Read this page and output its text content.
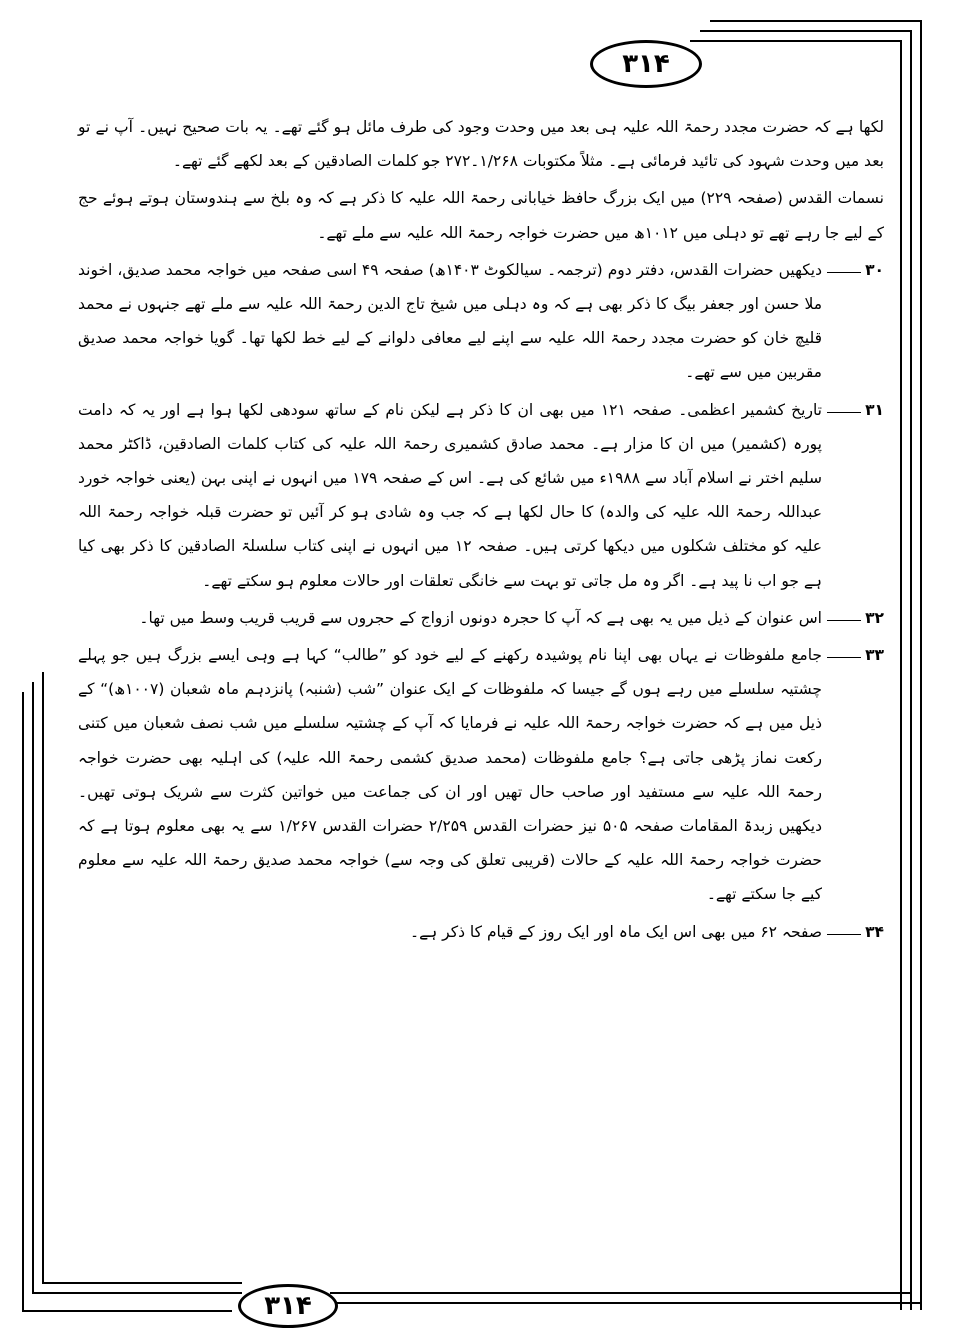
۳۱۴

لکھا ہے کہ حضرت مجدد رحمۃ اللہ علیہ ہی بعد میں وحدت وجود کی طرف مائل ہو گئے تھے۔ یہ بات صحیح نہیں۔ آپ نے تو بعد میں وحدت شہود کی تائید فرمائی ہے۔ مثلاً مکتوبات ۱/۲۶۸۔۲۷۲ جو کلمات الصادقین کے بعد لکھے گئے تھے۔

نسمات القدس (صفحہ ۲۲۹) میں ایک بزرگ حافظ خیابانی رحمۃ اللہ علیہ کا ذکر ہے کہ وہ بلخ سے ہندوستان ہوتے ہوئے حج کے لیے جا رہے تھے تو دہلی میں ۱۰۱۲ھ میں حضرت خواجہ رحمۃ اللہ علیہ سے ملے تھے۔

۳۰
دیکھیں حضرات القدس، دفتر دوم (ترجمہ۔ سیالکوٹ ۱۴۰۳ھ) صفحہ ۴۹ اسی صفحہ میں خواجہ محمد صدیق، اخوند ملا حسن اور جعفر بیگ کا ذکر بھی ہے کہ وہ دہلی میں شیخ تاج الدین رحمۃ اللہ علیہ سے ملے تھے جنہوں نے محمد قلیچ خان کو حضرت مجدد رحمۃ اللہ علیہ سے اپنے لیے معافی دلوانے کے لیے خط لکھا تھا۔ گویا خواجہ محمد صدیق مقربین میں سے تھے۔
۳۱
تاریخ کشمیر اعظمی۔ صفحہ ۱۲۱ میں بھی ان کا ذکر ہے لیکن نام کے ساتھ سودھی لکھا ہوا ہے اور یہ کہ دامت پورہ (کشمیر) میں ان کا مزار ہے۔ محمد صادق کشمیری رحمۃ اللہ علیہ کی کتاب کلمات الصادقین، ڈاکٹر محمد سلیم اختر نے اسلام آباد سے ۱۹۸۸ء میں شائع کی ہے۔ اس کے صفحہ ۱۷۹ میں انہوں نے اپنی بہن (یعنی خواجہ خورد عبداللہ رحمۃ اللہ علیہ کی والدہ) کا حال لکھا ہے کہ جب وہ شادی ہو کر آئیں تو حضرت قبلہ خواجہ رحمۃ اللہ علیہ کو مختلف شکلوں میں دیکھا کرتی ہیں۔ صفحہ ۱۲ میں انہوں نے اپنی کتاب سلسلۃ الصادقین کا ذکر بھی کیا ہے جو اب نا پید ہے۔ اگر وہ مل جاتی تو بہت سے خانگی تعلقات اور حالات معلوم ہو سکتے تھے۔
۳۲
اس عنوان کے ذیل میں یہ بھی ہے کہ آپ کا حجرہ دونوں ازواج کے حجروں سے قریب قریب وسط میں تھا۔
۳۳
جامع ملفوظات نے یہاں بھی اپنا نام پوشیدہ رکھنے کے لیے خود کو ”طالب“ کہا ہے وہی ایسے بزرگ ہیں جو پہلے چشتیہ سلسلے میں رہے ہوں گے جیسا کہ ملفوظات کے ایک عنوان ”شب (شنبہ) پانزدہم ماہ شعبان (۱۰۰۷ھ)“ کے ذیل میں ہے کہ حضرت خواجہ رحمۃ اللہ علیہ نے فرمایا کہ آپ کے چشتیہ سلسلے میں شب نصف شعبان میں کتنی رکعت نماز پڑھی جاتی ہے؟ جامع ملفوظات (محمد صدیق کشمی رحمۃ اللہ علیہ) کی اہلیہ بھی حضرت خواجہ رحمۃ اللہ علیہ سے مستفید اور صاحب حال تھیں اور ان کی جماعت میں خواتین کثرت سے شریک ہوتی تھیں۔ دیکھیں زبدۃ المقامات صفحہ ۵۰۵ نیز حضرات القدس ۲/۲۵۹ حضرات القدس ۱/۲۶۷ سے یہ بھی معلوم ہوتا ہے کہ حضرت خواجہ رحمۃ اللہ علیہ کے حالات (قریبی تعلق کی وجہ سے) خواجہ محمد صدیق رحمۃ اللہ علیہ سے معلوم کیے جا سکتے تھے۔
۳۴
صفحہ ۶۲ میں بھی اس ایک ماہ اور ایک روز کے قیام کا ذکر ہے۔
۳۱۴
